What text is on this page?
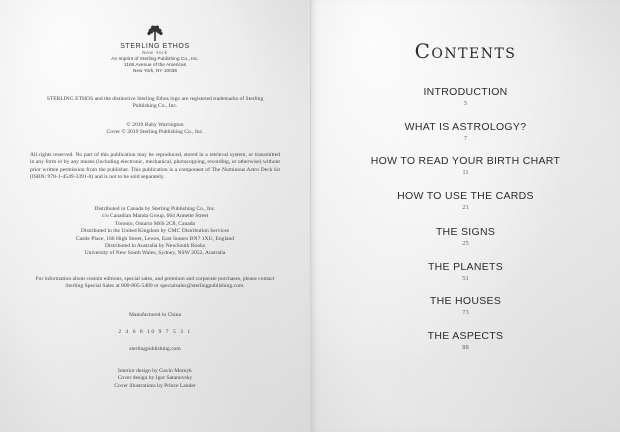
STERLING ETHOS
New York
An Imprint of Sterling Publishing Co., Inc.
1166 Avenue of the Americas
New York, NY 10036
STERLING ETHOS and the distinctive Sterling Ethos logo are registered trademarks of Sterling Publishing Co., Inc.
© 2019 Ruby Warrington
Cover © 2019 Sterling Publishing Co., Inc.
All rights reserved. No part of this publication may be reproduced, stored in a retrieval system, or transmitted in any form or by any means (including electronic, mechanical, photocopying, recording, or otherwise) without prior written permission from the publisher. This publication is a component of The Numinous Astro Deck kit (ISBN: 978-1-4549-3391-0) and is not to be sold separately.
Distributed in Canada by Sterling Publishing Co., Inc.
c/o Canadian Manda Group, 664 Annette Street
Toronto, Ontario M6S 2C8, Canada
Distributed in the United Kingdom by GMC Distribution Services
Castle Place, 166 High Street, Lewes, East Sussex BN7 1XU, England
Distributed in Australia by NewSouth Books
University of New South Wales, Sydney, NSW 2052, Australia
For information about custom editions, special sales, and premium and corporate purchases, please contact Sterling Special Sales at 800-805-5489 or specialsales@sterlingpublishing.com.
Manufactured in China
2 4 6 8 10 9 7 5 3 1
sterlingpublishing.com
Interior design by Gavin Motnyk
Cover design by Igor Satanovsky
Cover illustrations by Prince Lauder
Contents
INTRODUCTION
5
WHAT IS ASTROLOGY?
7
HOW TO READ YOUR BIRTH CHART
11
HOW TO USE THE CARDS
21
THE SIGNS
25
THE PLANETS
51
THE HOUSES
73
THE ASPECTS
88
